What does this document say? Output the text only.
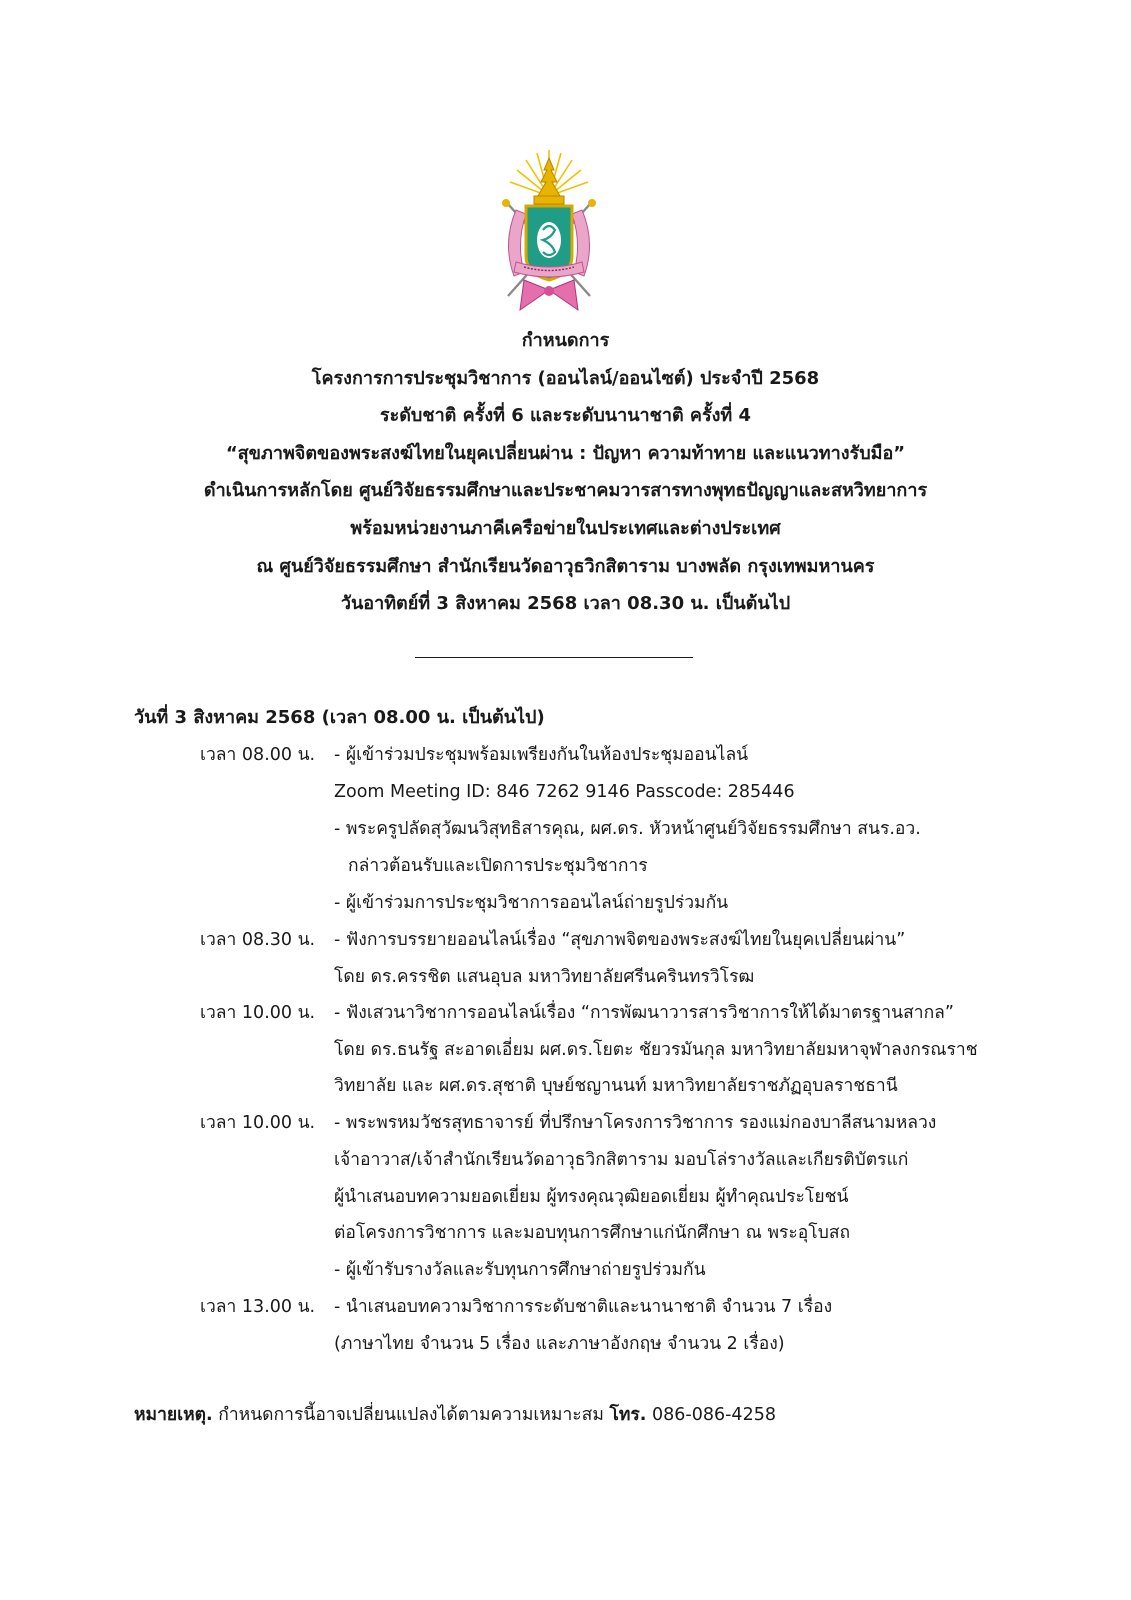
กำหนดการ
โครงการการประชุมวิชาการ (ออนไลน์/ออนไซต์) ประจำปี 2568
ระดับชาติ ครั้งที่ 6 และระดับนานาชาติ ครั้งที่ 4
“สุขภาพจิตของพระสงฆ์ไทยในยุคเปลี่ยนผ่าน : ปัญหา ความท้าทาย และแนวทางรับมือ”
ดำเนินการหลักโดย ศูนย์วิจัยธรรมศึกษาและประชาคมวารสารทางพุทธปัญญาและสหวิทยาการ
พร้อมหน่วยงานภาคีเครือข่ายในประเทศและต่างประเทศ
ณ ศูนย์วิจัยธรรมศึกษา สำนักเรียนวัดอาวุธวิกสิตาราม บางพลัด กรุงเทพมหานคร
วันอาทิตย์ที่ 3 สิงหาคม 2568 เวลา 08.30 น. เป็นต้นไป
วันที่ 3 สิงหาคม 2568 (เวลา 08.00 น. เป็นต้นไป)
เวลา 08.00 น. - ผู้เข้าร่วมประชุมพร้อมเพรียงกันในห้องประชุมออนไลน์
Zoom Meeting ID: 846 7262 9146 Passcode: 285446
- พระครูปลัดสุวัฒนวิสุทธิสารคุณ, ผศ.ดร. หัวหน้าศูนย์วิจัยธรรมศึกษา สนร.อว.
กล่าวต้อนรับและเปิดการประชุมวิชาการ
- ผู้เข้าร่วมการประชุมวิชาการออนไลน์ถ่ายรูปร่วมกัน
เวลา 08.30 น. - ฟังการบรรยายออนไลน์เรื่อง “สุขภาพจิตของพระสงฆ์ไทยในยุคเปลี่ยนผ่าน”
โดย ดร.ครรชิต แสนอุบล มหาวิทยาลัยศรีนครินทรวิโรฒ
เวลา 10.00 น. - ฟังเสวนาวิชาการออนไลน์เรื่อง “การพัฒนาวารสารวิชาการให้ได้มาตรฐานสากล”
โดย ดร.ธนรัฐ สะอาดเอี่ยม ผศ.ดร.โยตะ ชัยวรมันกุล มหาวิทยาลัยมหาจุฬาลงกรณราช
วิทยาลัย และ ผศ.ดร.สุชาติ บุษย์ชญานนท์ มหาวิทยาลัยราชภัฏอุบลราชธานี
เวลา 10.00 น. - พระพรหมวัชรสุทธาจารย์ ที่ปรึกษาโครงการวิชาการ รองแม่กองบาลีสนามหลวง
เจ้าอาวาส/เจ้าสำนักเรียนวัดอาวุธวิกสิตาราม มอบโล่รางวัลและเกียรติบัตรแก่
ผู้นำเสนอบทความยอดเยี่ยม ผู้ทรงคุณวุฒิยอดเยี่ยม ผู้ทำคุณประโยชน์
ต่อโครงการวิชาการ และมอบทุนการศึกษาแก่นักศึกษา ณ พระอุโบสถ
- ผู้เข้ารับรางวัลและรับทุนการศึกษาถ่ายรูปร่วมกัน
เวลา 13.00 น. - นำเสนอบทความวิชาการระดับชาติและนานาชาติ จำนวน 7 เรื่อง
(ภาษาไทย จำนวน 5 เรื่อง และภาษาอังกฤษ จำนวน 2 เรื่อง)
หมายเหตุ. กำหนดการนี้อาจเปลี่ยนแปลงได้ตามความเหมาะสม โทร. 086-086-4258
